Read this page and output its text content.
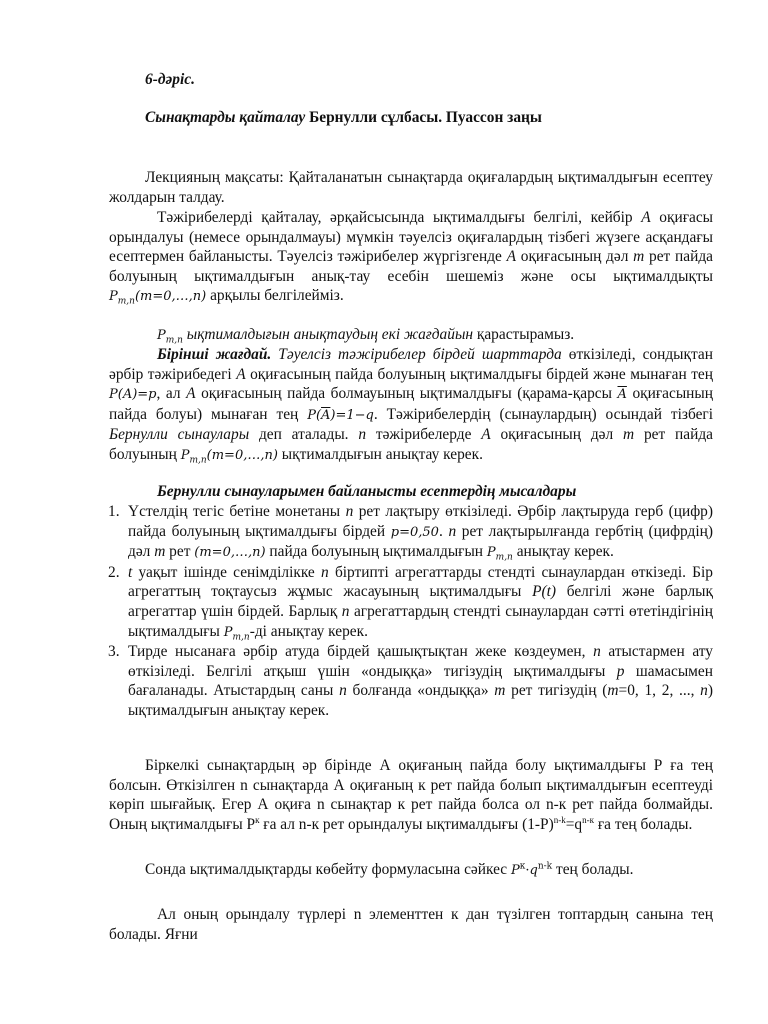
6-дәріс.
Сынақтарды қайталау Бернулли сұлбасы. Пуассон заңы

Лекцияның мақсаты: Қайталанатын сынақтарда оқиғалардың ықтималдығын есептеу жолдарын талдау.

Тәжірибелерді қайталау, әрқайсысында ықтималдығы белгілі, кейбір A оқиғасы орындалуы (немесе орындалмауы) мүмкін тәуелсіз оқиғалардың тізбегі жүзеге асқандағы есептермен байланысты. Тәуелсіз тәжірибелер жүргізгенде A оқиғасының дәл m рет пайда болуының ықтималдығын анық-тау есебін шешеміз және осы ықтималдықты $P_{m,n}(m=0,\dots,n)$ арқылы белгілейміз.

$P_{m,n}$ ықтималдығын анықтаудың екі жағдайын қарастырамыз.

Бірінші жағдай. Тәуелсіз тәжірибелер бірдей шарттарда өткізіледі, сондықтан әрбір тәжірибедегі A оқиғасының пайда болуының ықтималдығы бірдей және мынаған тең P(A)=p, ал A оқиғасының пайда болмауының ықтималдығы (қарама-қарсы $\overline{A}$ оқиғасының пайда болуы) мынаған тең $P(\overline{A})=1-q$. Тәжірибелердің (сынаулардың) осындай тізбегі Бернулли сынаулары деп аталады. n тәжірибелерде A оқиғасының дәл m рет пайда болуының $P_{m,n}(m=0,\dots,n)$ ықтималдығын анықтау керек.

Бернулли сынауларымен байланысты есептердің мысалдары
1. Үстелдің тегіс бетіне монетаны n рет лақтыру өткізіледі. Әрбір лақтыруда герб (цифр) пайда болуының ықтималдығы бірдей p=0,50. n рет лақтырылғанда гербтің (цифрдің) дәл m рет (m=0,…,n) пайда болуының ықтималдығын $P_{m,n}$ анықтау керек.
2. t уақыт ішінде сенімділікке n біртипті агрегаттарды стендті сынаулардан өткізеді. Бір агрегаттың тоқтаусыз жұмыс жасауының ықтималдығы P(t) белгілі және барлық агрегаттар үшін бірдей. Барлық n агрегаттардың стендті сынаулардан сәтті өтетіндігінің ықтималдығы $P_{m,n}-ді$ анықтау керек.
3. Тирде нысанаға әрбір атуда бірдей қашықтықтан жеке көздеумен, n атыстармен ату өткізіледі. Белгілі атқыш үшін «ондыққа» тигізудің ықтималдығы p шамасымен бағаланады. Атыстардың саны n болғанда «ондыққа» m рет тигізудің (m=0, 1, 2, ..., n) ықтималдығын анықтау керек.

Біркелкі сынақтардың әр бірінде А оқиғаның пайда болу ықтималдығы Р ға тең болсын. Өткізілген n сынақтарда А оқиғаның к рет пайда болып ықтималдығын есептеуді көріп шығайық. Егер А оқиға n сынақтар к рет пайда болса ол n-к рет пайда болмайды. Оның ықтималдығы $Р^к$ ға ал n-к рет орындалуы ықтималдығы $(1-Р)^{n-k}=q^{n-к}$ ға тең болады.

Сонда ықтималдықтарды көбейту формуласына сәйкес $P^к\cdot q^{n-k}$ тең болады.

Ал оның орындалу түрлері n элементтен к дан түзілген топтардың санына тең болады. Яғни
